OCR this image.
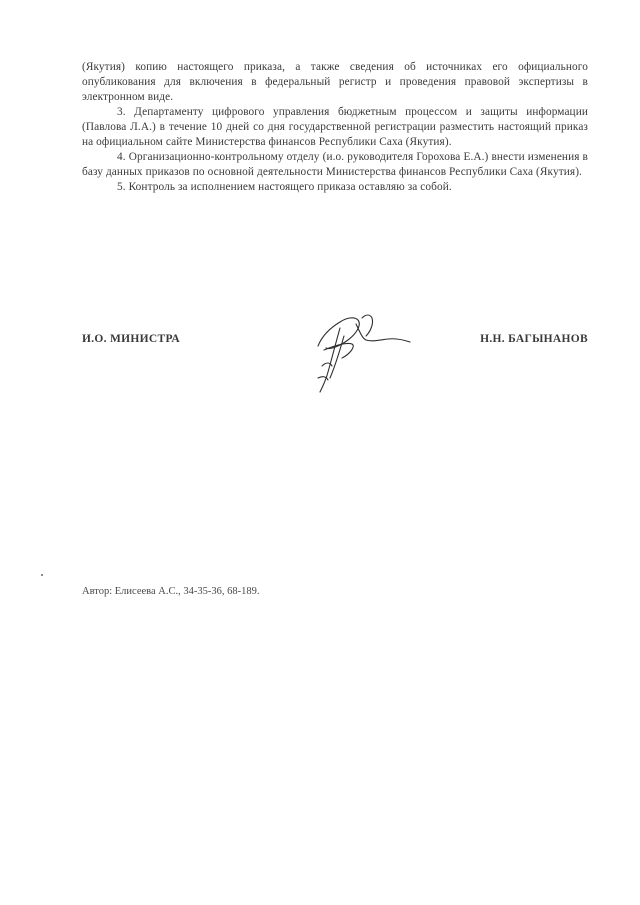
(Якутия) копию настоящего приказа, а также сведения об источниках его официального опубликования для включения в федеральный регистр и проведения правовой экспертизы в электронном виде.

3. Департаменту цифрового управления бюджетным процессом и защиты информации (Павлова Л.А.) в течение 10 дней со дня государственной регистрации разместить настоящий приказ на официальном сайте Министерства финансов Республики Саха (Якутия).

4. Организационно-контрольному отделу (и.о. руководителя Горохова Е.А.) внести изменения в базу данных приказов по основной деятельности Министерства финансов Республики Саха (Якутия).

5. Контроль за исполнением настоящего приказа оставляю за собой.

И.О. МИНИСТРА	Н.Н. БАГЫНАНОВ
Автор: Елисеева А.С., 34-35-36, 68-189.
